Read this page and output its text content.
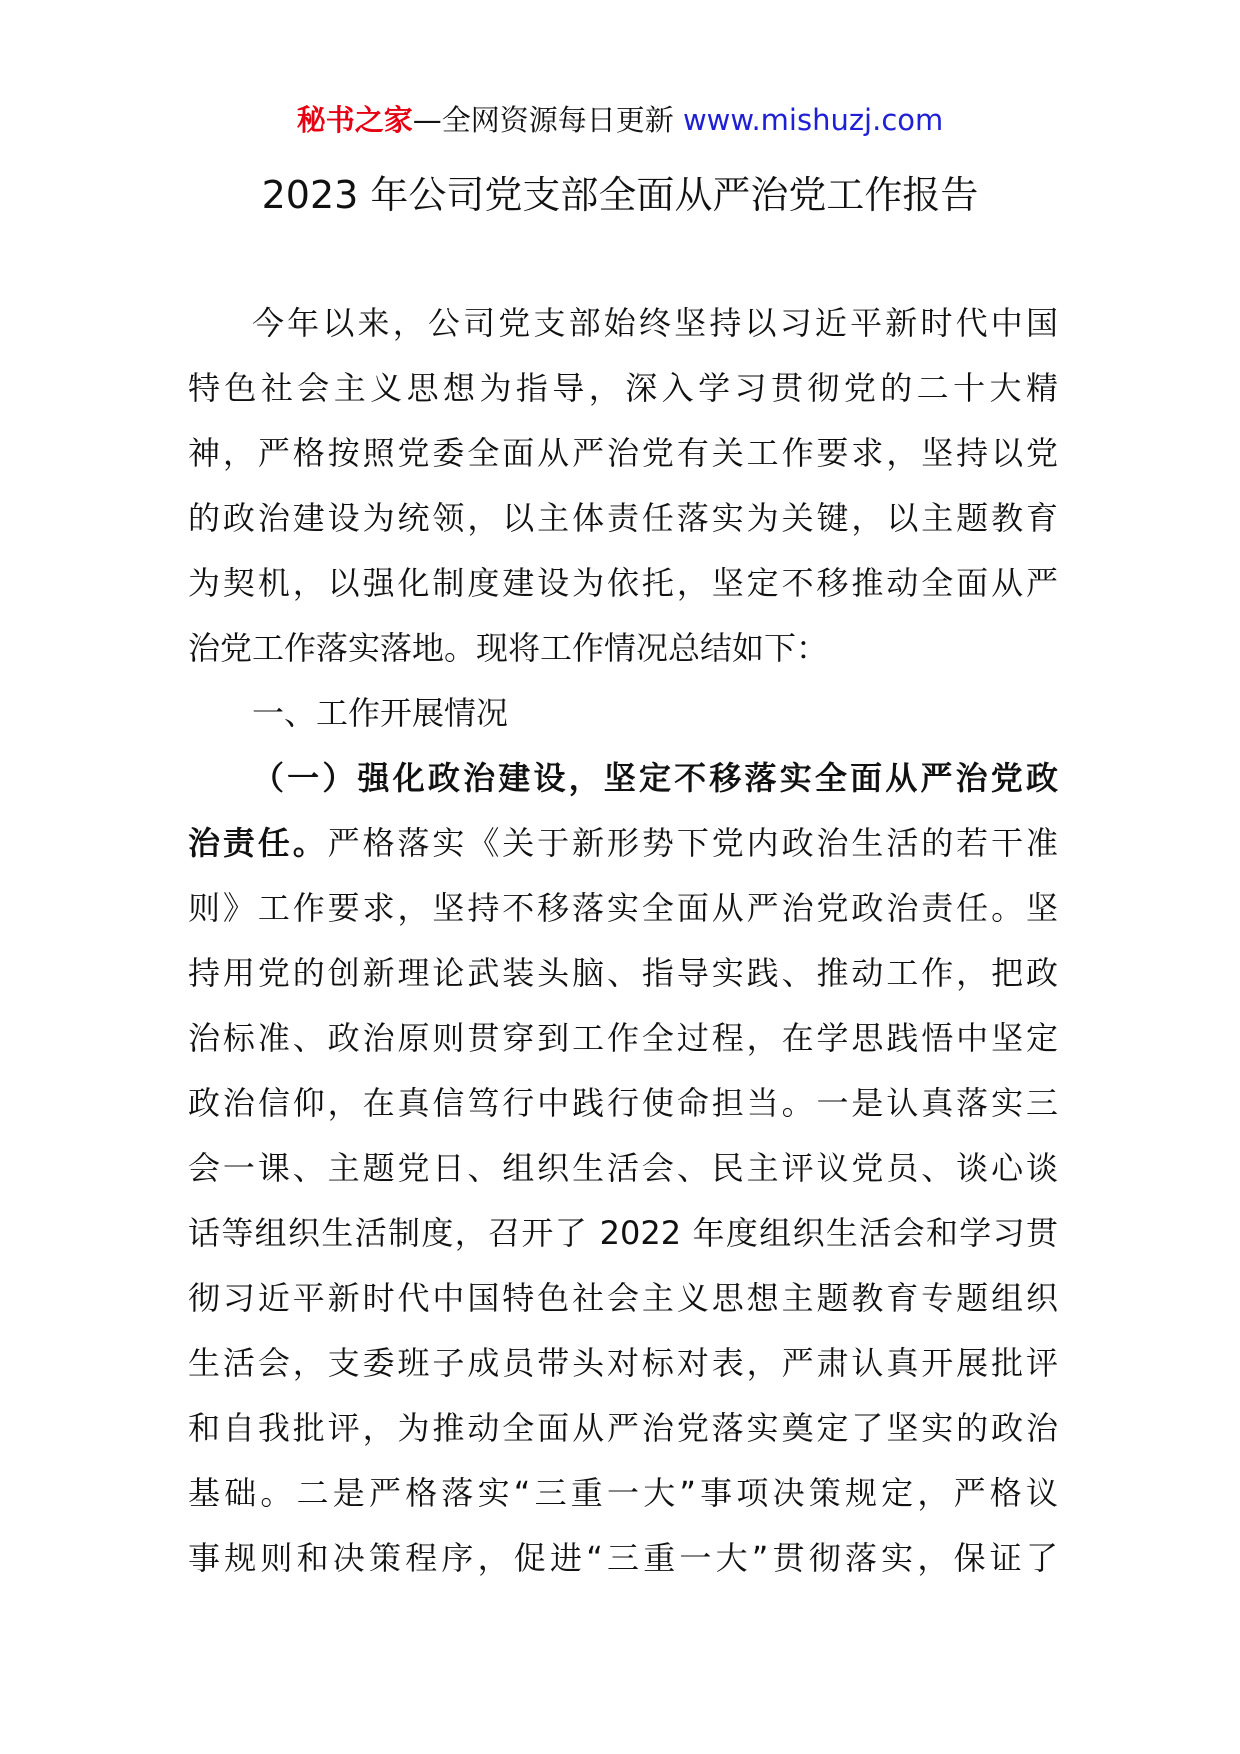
秘书之家—全网资源每日更新 www.mishuzj.com
2023 年公司党支部全面从严治党工作报告
今年以来，公司党支部始终坚持以习近平新时代中国
特色社会主义思想为指导，深入学习贯彻党的二十大精
神，严格按照党委全面从严治党有关工作要求，坚持以党
的政治建设为统领，以主体责任落实为关键，以主题教育
为契机，以强化制度建设为依托，坚定不移推动全面从严
治党工作落实落地。现将工作情况总结如下：
一、工作开展情况
（一）强化政治建设，坚定不移落实全面从严治党政
治责任。严格落实《关于新形势下党内政治生活的若干准
则》工作要求，坚持不移落实全面从严治党政治责任。坚
持用党的创新理论武装头脑、指导实践、推动工作，把政
治标准、政治原则贯穿到工作全过程，在学思践悟中坚定
政治信仰，在真信笃行中践行使命担当。一是认真落实三
会一课、主题党日、组织生活会、民主评议党员、谈心谈
话等组织生活制度，召开了 2022 年度组织生活会和学习贯
彻习近平新时代中国特色社会主义思想主题教育专题组织
生活会，支委班子成员带头对标对表，严肃认真开展批评
和自我批评，为推动全面从严治党落实奠定了坚实的政治
基础。二是严格落实“三重一大”事项决策规定，严格议
事规则和决策程序，促进“三重一大”贯彻落实，保证了
